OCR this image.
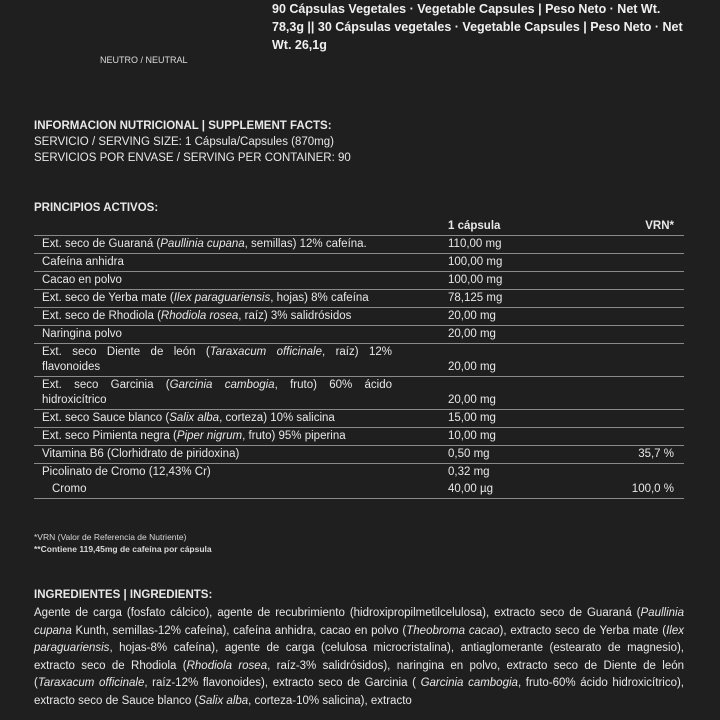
90 Cápsulas Vegetales · Vegetable Capsules | Peso Neto · Net Wt. 78,3g || 30 Cápsulas vegetales · Vegetable Capsules | Peso Neto · Net Wt. 26,1g
NEUTRO / NEUTRAL
INFORMACION NUTRICIONAL | SUPPLEMENT FACTS:
SERVICIO / SERVING SIZE: 1 Cápsula/Capsules (870mg)
SERVICIOS POR ENVASE / SERVING PER CONTAINER: 90
PRINCIPIOS ACTIVOS:
	1 cápsula	VRN*
Ext. seco de Guaraná (Paullinia cupana, semillas) 12% cafeína.	110,00 mg	
Cafeína anhidra	100,00 mg	
Cacao en polvo	100,00 mg	
Ext. seco de Yerba mate (Ilex paraguariensis, hojas) 8% cafeína	78,125 mg	
Ext. seco de Rhodiola (Rhodiola rosea, raíz) 3% salidrósidos	20,00 mg	
Naringina polvo	20,00 mg	
Ext. seco Diente de león (Taraxacum officinale, raíz) 12% flavonoides	20,00 mg	
Ext. seco Garcinia (Garcinia cambogia, fruto) 60% ácido hidroxicítrico	20,00 mg	
Ext. seco Sauce blanco (Salix alba, corteza) 10% salicina	15,00 mg	
Ext. seco Pimienta negra (Piper nigrum, fruto) 95% piperina	10,00 mg	
Vitamina B6 (Clorhidrato de piridoxina)	0,50 mg	35,7 %
Picolinato de Cromo (12,43% Cr)	0,32 mg	
Cromo	40,00 µg	100,0 %
*VRN (Valor de Referencia de Nutriente)
**Contiene 119,45mg de cafeína por cápsula
INGREDIENTES | INGREDIENTS:
Agente de carga (fosfato cálcico), agente de recubrimiento (hidroxipropilmetilcelulosa), extracto seco de Guaraná (Paullinia cupana Kunth, semillas-12% cafeína), cafeína anhidra, cacao en polvo (Theobroma cacao), extracto seco de Yerba mate (Ilex paraguariensis, hojas-8% cafeína), agente de carga (celulosa microcristalina), antiaglomerante (estearato de magnesio), extracto seco de Rhodiola (Rhodiola rosea, raíz-3% salidrósidos), naringina en polvo, extracto seco de Diente de león (Taraxacum officinale, raíz-12% flavonoides), extracto seco de Garcinia ( Garcinia cambogia, fruto-60% ácido hidroxicítrico), extracto seco de Sauce blanco (Salix alba, corteza-10% salicina), extracto
